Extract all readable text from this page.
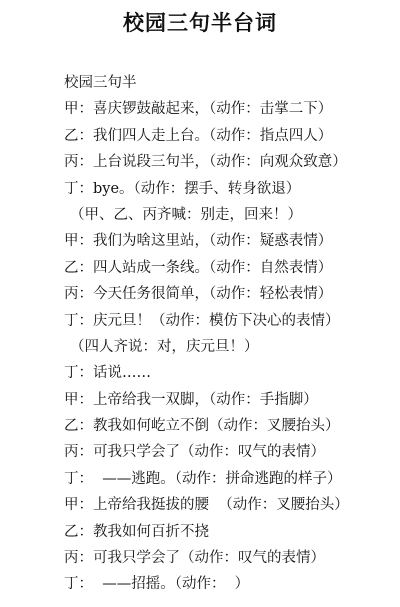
校园三句半台词
校园三句半
甲：喜庆锣鼓敲起来，（动作：击掌二下）
乙：我们四人走上台。（动作：指点四人）
丙：上台说段三句半，（动作：向观众致意）
丁：bye。（动作：摆手、转身欲退）
（甲、乙、丙齐喊：别走，回来！）
甲：我们为啥这里站，（动作：疑惑表情）
乙：四人站成一条线。（动作：自然表情）
丙：今天任务很简单，（动作：轻松表情）
丁：庆元旦！（动作：模仿下决心的表情）
（四人齐说：对，庆元旦！）
丁：话说……
甲：上帝给我一双脚，（动作：手指脚）
乙：教我如何屹立不倒（动作：叉腰抬头）
丙：可我只学会了（动作：叹气的表情）
丁：  ——逃跑。（动作：拼命逃跑的样子）
甲：上帝给我挺拔的腰  （动作：叉腰抬头）
乙：教我如何百折不挠
丙：可我只学会了（动作：叹气的表情）
丁：  ——招摇。（动作：  ）
